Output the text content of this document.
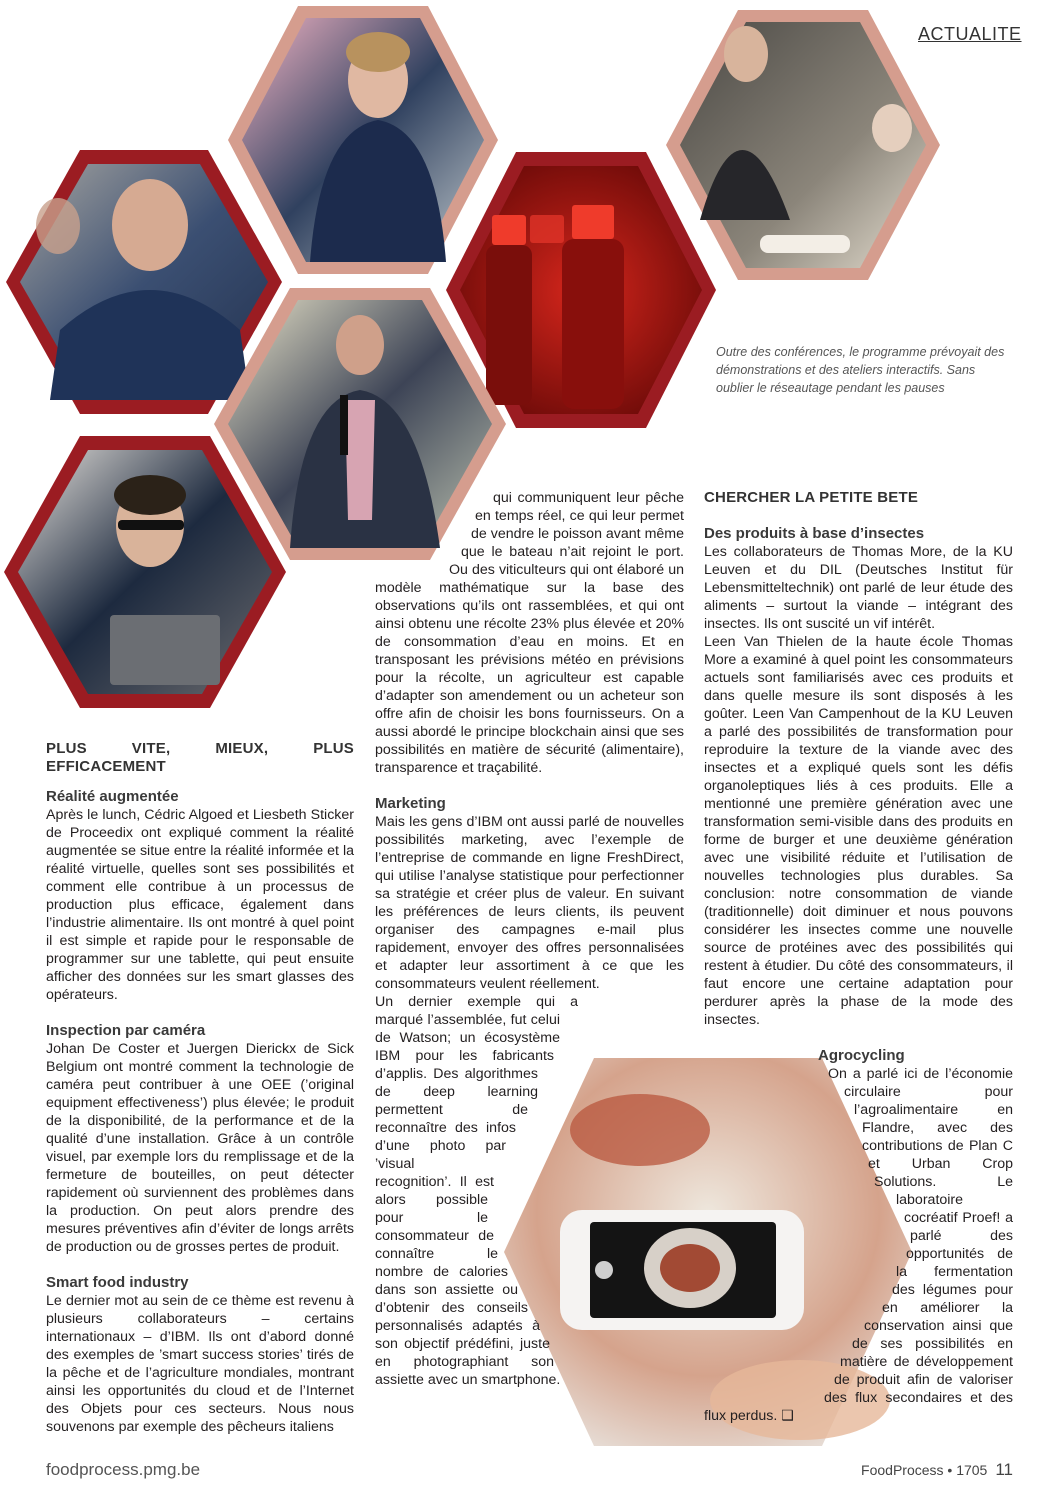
ACTUALITE
Outre des conférences, le programme prévoyait des démonstrations et des ateliers interactifs. Sans oublier le réseautage pendant les pauses
PLUS VITE, MIEUX, PLUS EFFICACEMENT
Réalité augmentée

Après le lunch, Cédric Algoed et Liesbeth Sticker de Proceedix ont expliqué comment la réalité augmentée se situe entre la réalité informée et la réalité virtuelle, quelles sont ses possibilités et comment elle contribue à un processus de production plus efficace, également dans l’industrie alimentaire. Ils ont montré à quel point il est simple et rapide pour le responsable de programmer sur une tablette, qui peut ensuite afficher des données sur les smart glasses des opérateurs.

Inspection par caméra

Johan De Coster et Juergen Dierickx de Sick Belgium ont montré comment la technologie de caméra peut contribuer à une OEE (’original equipment effectiveness’) plus élevée; le produit de la disponibilité, de la performance et de la qualité d’une installation. Grâce à un contrôle visuel, par exemple lors du remplissage et de la fermeture de bouteilles, on peut détecter rapidement où surviennent des problèmes dans la production. On peut alors prendre des mesures préventives afin d’éviter de longs arrêts de production ou de grosses pertes de produit.

Smart food industry

Le dernier mot au sein de ce thème est revenu à plusieurs collaborateurs – certains internationaux – d’IBM. Ils ont d’abord donné des exemples de ’smart success stories’ tirés de la pêche et de l’agriculture mondiales, montrant ainsi les opportunités du cloud et de l’Internet des Objets pour ces secteurs. Nous nous souvenons par exemple des pêcheurs italiens

qui communiquent leur pêche en temps réel, ce qui leur permet de vendre le poisson avant même que le bateau n’ait rejoint le port. Ou des viticulteurs qui ont élaboré un modèle mathématique sur la base des observations qu’ils ont rassemblées, et qui ont ainsi obtenu une récolte 23% plus élevée et 20% de consommation d’eau en moins. Et en transposant les prévisions météo en prévisions pour la récolte, un agriculteur est capable d’adapter son amendement ou un acheteur son offre afin de choisir les bons fournisseurs. On a aussi abordé le principe blockchain ainsi que ses possibilités en matière de sécurité (alimentaire), transparence et traçabilité.

Marketing

Mais les gens d’IBM ont aussi parlé de nouvelles possibilités marketing, avec l’exemple de l’entreprise de commande en ligne FreshDirect, qui utilise l’analyse statistique pour perfectionner sa stratégie et créer plus de valeur. En suivant les préférences de leurs clients, ils peuvent organiser des campagnes e-mail plus rapidement, envoyer des offres personnalisées et adapter leur assortiment à ce que les consommateurs veulent réellement.

Un dernier exemple qui a marqué l’assemblée, fut celui de Watson; un écosystème IBM pour les fabricants d’applis. Des algorithmes de deep learning permettent de reconnaître des infos d’une photo par ’visual recognition’. Il est alors possible pour le consommateur de connaître le nombre de calories dans son assiette ou d’obtenir des conseils personnalisés adaptés à son objectif prédéfini, juste en photographiant son assiette avec un smartphone.

CHERCHER LA PETITE BETE
Des produits à base d’insectes

Les collaborateurs de Thomas More, de la KU Leuven et du DIL (Deutsches Institut für Lebensmitteltechnik) ont parlé de leur étude des aliments – surtout la viande – intégrant des insectes. Ils ont suscité un vif intérêt.

Leen Van Thielen de la haute école Thomas More a examiné à quel point les consommateurs actuels sont familiarisés avec ces produits et dans quelle mesure ils sont disposés à les goûter. Leen Van Campenhout de la KU Leuven a parlé des possibilités de transformation pour reproduire la texture de la viande avec des insectes et a expliqué quels sont les défis organoleptiques liés à ces produits. Elle a mentionné une première génération avec une transformation semi-visible dans des produits en forme de burger et une deuxième génération avec une visibilité réduite et l’utilisation de nouvelles technologies plus durables. Sa conclusion: notre consommation de viande (traditionnelle) doit diminuer et nous pouvons considérer les insectes comme une nouvelle source de protéines avec des possibilités qui restent à étudier. Du côté des consommateurs, il faut encore une certaine adaptation pour perdurer après la phase de la mode des insectes.

Agrocycling

On a parlé ici de l’économie circulaire pour l’agroalimentaire en Flandre, avec des contributions de Plan C et Urban Crop Solutions. Le laboratoire cocréatif Proef! a parlé des opportunités de la fermentation des légumes pour en améliorer la conservation ainsi que de ses possibilités en matière de développement de produit afin de valoriser des flux secondaires et des flux perdus. ❑

foodprocess.pmg.be	FoodProcess • 1705 11
